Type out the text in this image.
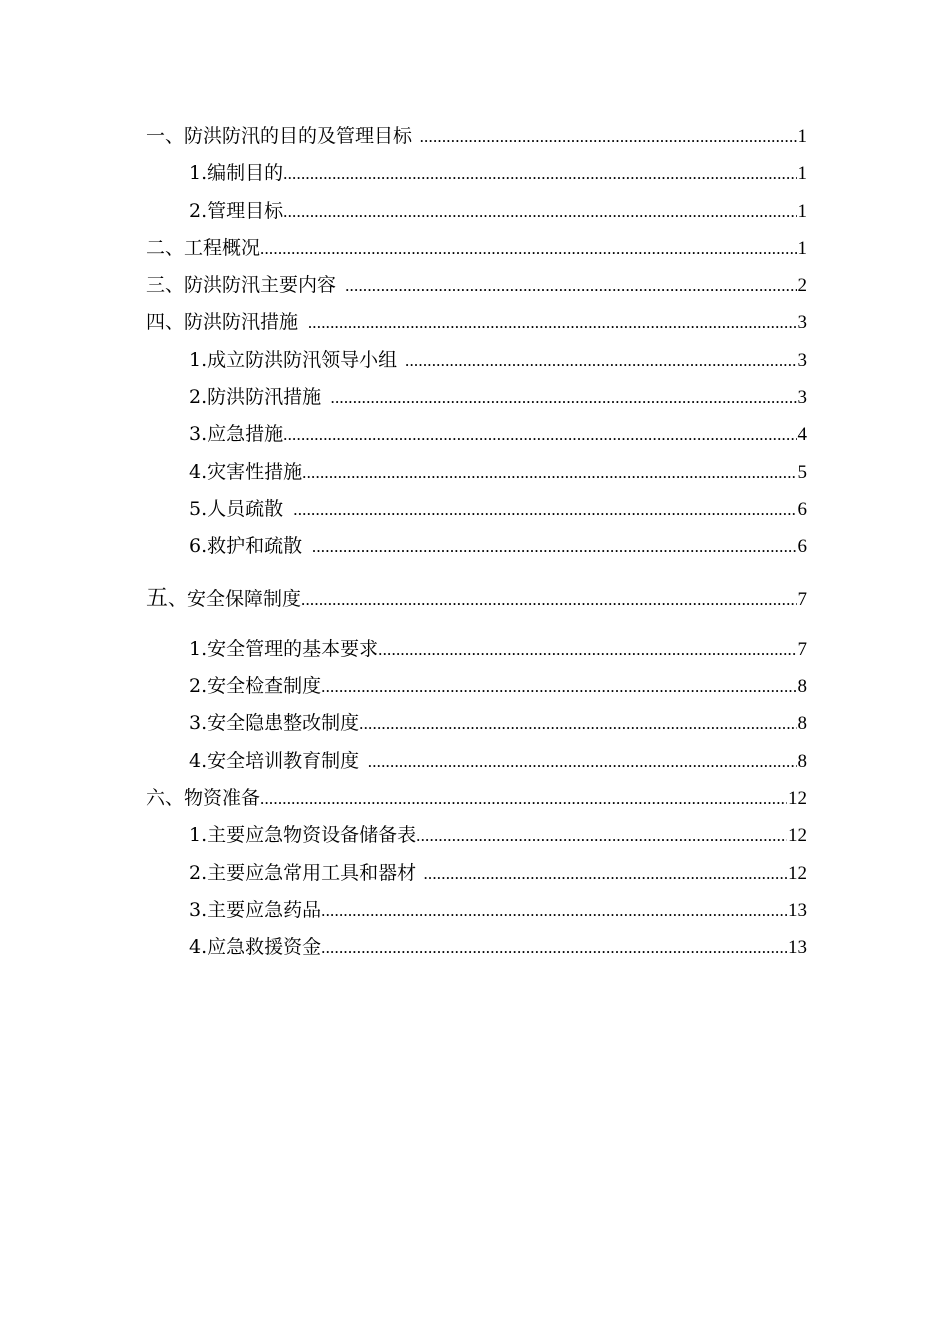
一、防洪防汛的目的及管理目标 .....	1
1.编制目的 .....	1
2.管理目标 .....	1
二、工程概况 .....	1
三、防洪防汛主要内容 .....	2
四、防洪防汛措施 .....	3
1.成立防洪防汛领导小组 .....	3
2.防洪防汛措施 .....	3
3.应急措施 .....	4
4.灾害性措施 .....	5
5.人员疏散 .....	6
6.救护和疏散 .....	6
五、安全保障制度 .....	7
1.安全管理的基本要求 .....	7
2.安全检查制度 .....	8
3.安全隐患整改制度 .....	8
4.安全培训教育制度 .....	8
六、物资准备 .....	12
1.主要应急物资设备储备表 .....	12
2.主要应急常用工具和器材 .....	12
3.主要应急药品 .....	13
4.应急救援资金 .....	13
